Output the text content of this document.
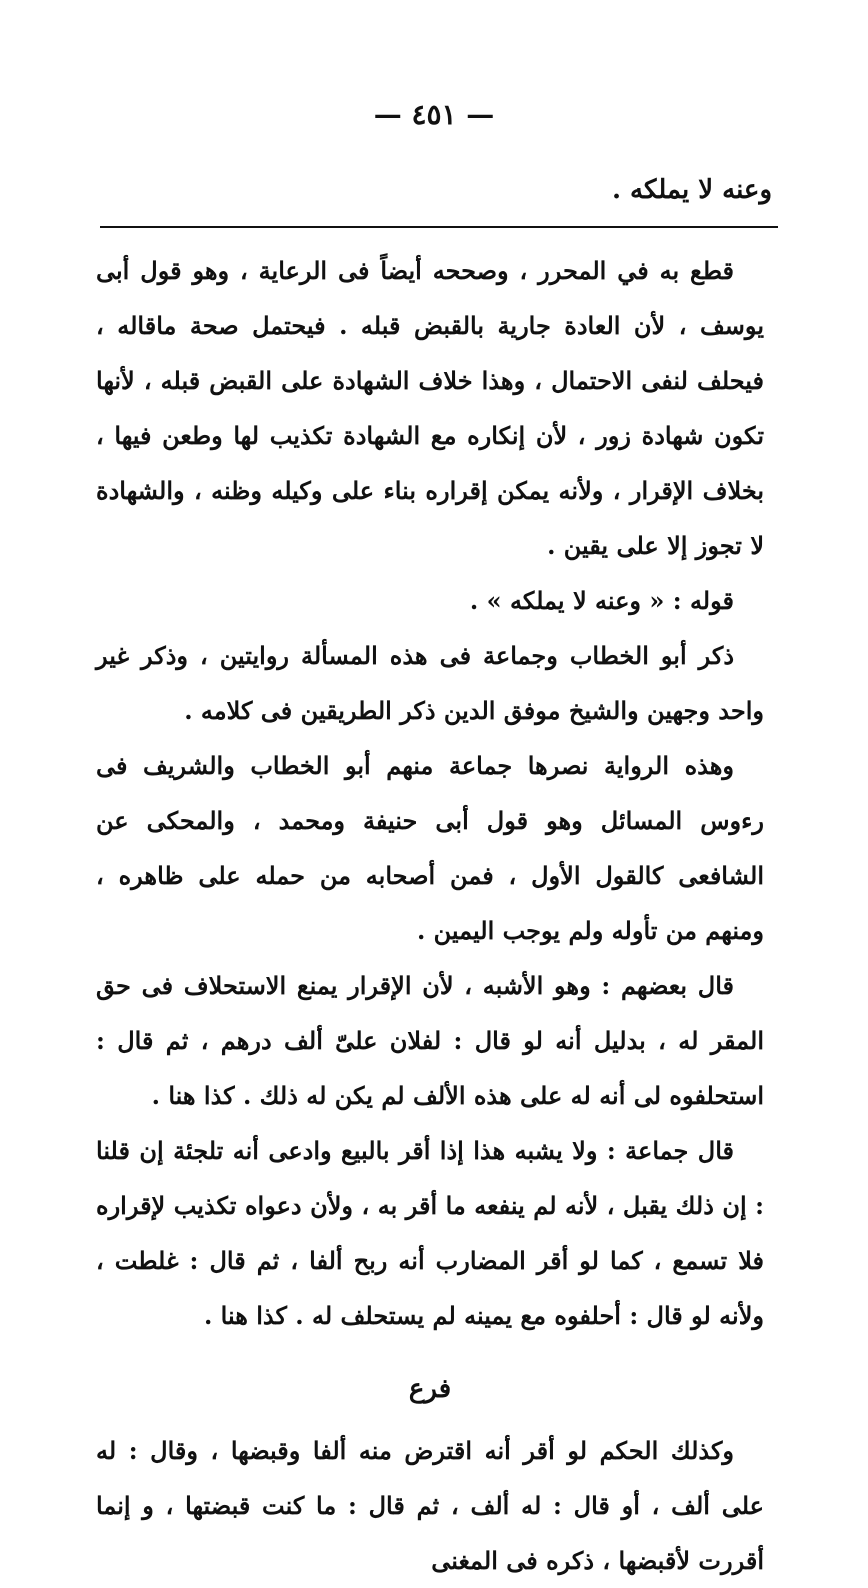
— ٤٥١ —
وعنه لا يملكه .

قطع به في المحرر ، وصححه أيضاً فى الرعاية ، وهو قول أبى يوسف ، لأن العادة جارية بالقبض قبله . فيحتمل صحة ماقاله ، فيحلف لنفى الاحتمال ، وهذا خلاف الشهادة على القبض قبله ، لأنها تكون شهادة زور ، لأن إنكاره مع الشهادة تكذيب لها وطعن فيها ، بخلاف الإقرار ، ولأنه يمكن إقراره بناء على وكيله وظنه ، والشهادة لا تجوز إلا على يقين .

قوله : « وعنه لا يملكه » .

ذكر أبو الخطاب وجماعة فى هذه المسألة روايتين ، وذكر غير واحد وجهين والشيخ موفق الدين ذكر الطريقين فى كلامه .

وهذه الرواية نصرها جماعة منهم أبو الخطاب والشريف فى رءوس المسائل وهو قول أبى حنيفة ومحمد ، والمحكى عن الشافعى كالقول الأول ، فمن أصحابه من حمله على ظاهره ، ومنهم من تأوله ولم يوجب اليمين .

قال بعضهم : وهو الأشبه ، لأن الإقرار يمنع الاستحلاف فى حق المقر له ، بدليل أنه لو قال : لفلان علىّ ألف درهم ، ثم قال : استحلفوه لى أنه له على هذه الألف لم يكن له ذلك . كذا هنا .

قال جماعة : ولا يشبه هذا إذا أقر بالبيع وادعى أنه تلجئة إن قلنا : إن ذلك يقبل ، لأنه لم ينفعه ما أقر به ، ولأن دعواه تكذيب لإقراره فلا تسمع ، كما لو أقر المضارب أنه ربح ألفا ، ثم قال : غلطت ، ولأنه لو قال : أحلفوه مع يمينه لم يستحلف له . كذا هنا .

فرع

وكذلك الحكم لو أقر أنه اقترض منه ألفا وقبضها ، وقال : له على ألف ، أو قال : له ألف ، ثم قال : ما كنت قبضتها ، و إنما أقررت لأقبضها ، ذكره فى المغنى
